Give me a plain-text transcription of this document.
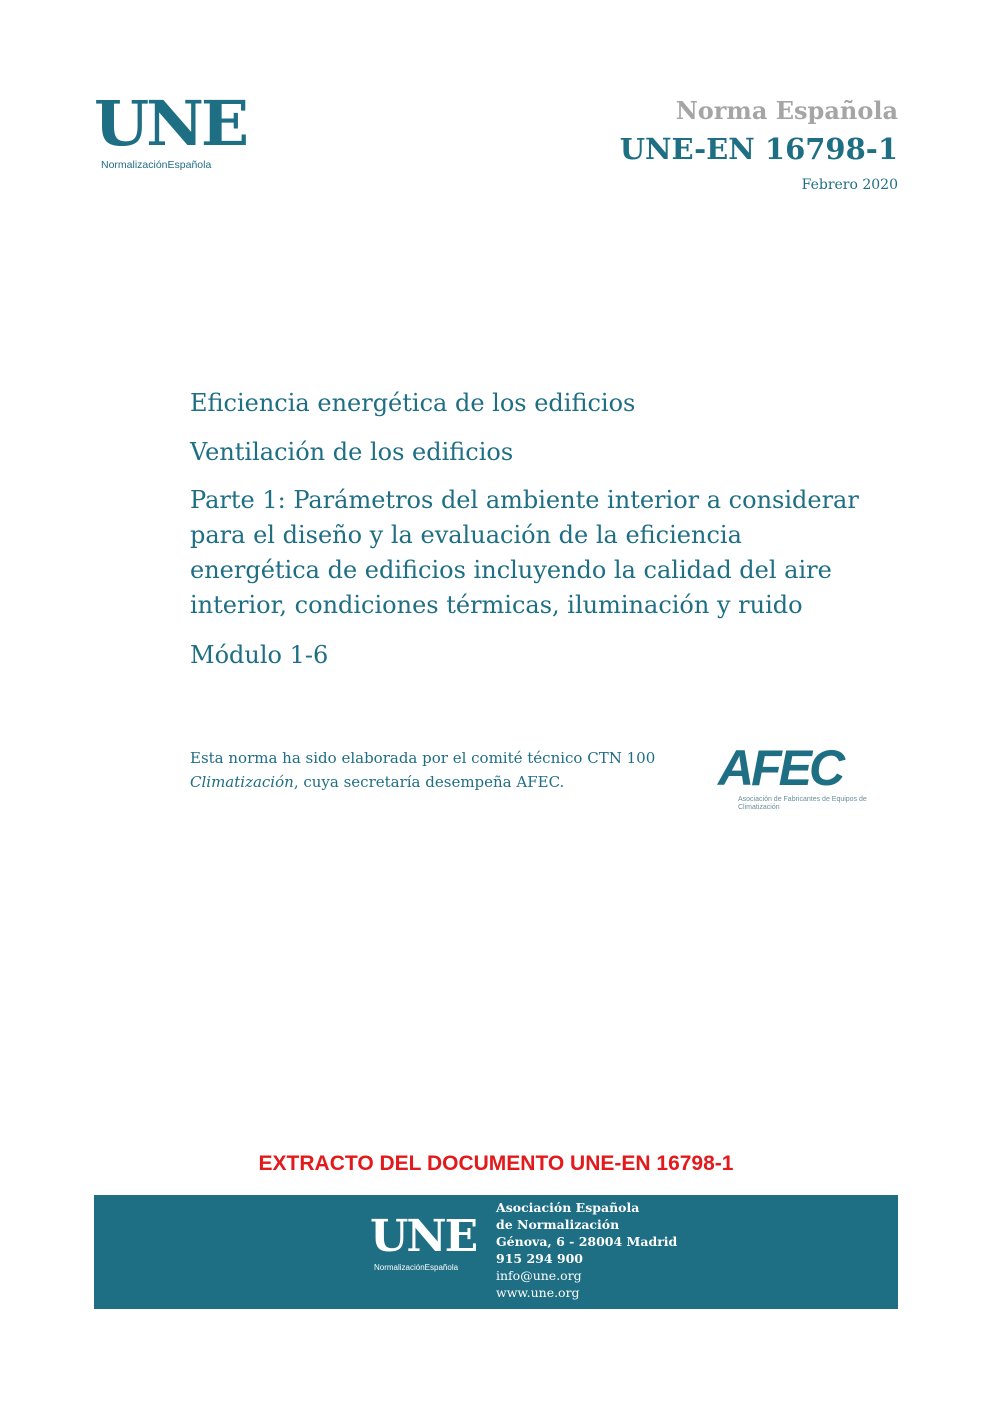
UNE
NormalizaciónEspañola
Norma Española
UNE-EN 16798-1
Febrero 2020
Eficiencia energética de los edificios
Ventilación de los edificios
Parte 1: Parámetros del ambiente interior a considerar
para el diseño y la evaluación de la eficiencia
energética de edificios incluyendo la calidad del aire
interior, condiciones térmicas, iluminación y ruido
Módulo 1-6
Esta norma ha sido elaborada por el comité técnico CTN 100 Climatización, cuya secretaría desempeña AFEC.	AFEC
Asociación de Fabricantes de Equipos de Climatización
EXTRACTO DEL DOCUMENTO UNE-EN 16798-1
UNE
NormalizaciónEspañola
Asociación Española
de Normalización
Génova, 6 - 28004 Madrid
915 294 900
info@une.org
www.une.org
